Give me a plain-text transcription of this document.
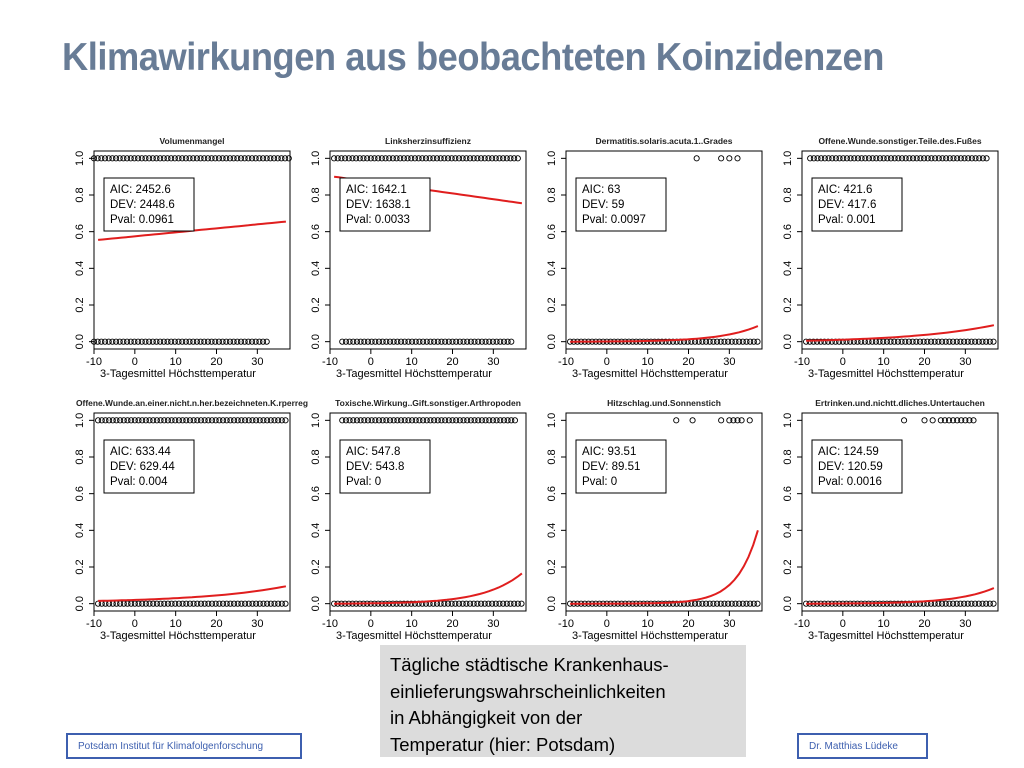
Klimawirkungen aus beobachteten Koinzidenzen
Volumenmangel
-10	0	10	20	30
3-Tagesmittel Höchsttemperatur
0.0
0.2
0.4
0.6
0.8
1.0
AIC: 2452.6
DEV: 2448.6
Pval: 0.0961
Linksherzinsuffizienz
-10	0	10	20	30
3-Tagesmittel Höchsttemperatur
0.0
0.2
0.4
0.6
0.8
1.0
AIC: 1642.1
DEV: 1638.1
Pval: 0.0033
Dermatitis.solaris.acuta.1..Grades
-10	0	10	20	30
3-Tagesmittel Höchsttemperatur
0.0
0.2
0.4
0.6
0.8
1.0
AIC: 63
DEV: 59
Pval: 0.0097
Offene.Wunde.sonstiger.Teile.des.Fußes
-10	0	10	20	30
3-Tagesmittel Höchsttemperatur
0.0
0.2
0.4
0.6
0.8
1.0
AIC: 421.6
DEV: 417.6
Pval: 0.001
Offene.Wunde.an.einer.nicht.n.her.bezeichneten.K.rperreg
-10	0	10	20	30
3-Tagesmittel Höchsttemperatur
0.0
0.2
0.4
0.6
0.8
1.0
AIC: 633.44
DEV: 629.44
Pval: 0.004
Toxische.Wirkung..Gift.sonstiger.Arthropoden
-10	0	10	20	30
3-Tagesmittel Höchsttemperatur
0.0
0.2
0.4
0.6
0.8
1.0
AIC: 547.8
DEV: 543.8
Pval: 0
Hitzschlag.und.Sonnenstich
-10	0	10	20	30
3-Tagesmittel Höchsttemperatur
0.0
0.2
0.4
0.6
0.8
1.0
AIC: 93.51
DEV: 89.51
Pval: 0
Ertrinken.und.nichtt.dliches.Untertauchen
-10	0	10	20	30
3-Tagesmittel Höchsttemperatur
0.0
0.2
0.4
0.6
0.8
1.0
AIC: 124.59
DEV: 120.59
Pval: 0.0016
Tägliche städtische Krankenhaus-
einlieferungswahrscheinlichkeiten
in Abhängigkeit von der
Temperatur (hier: Potsdam)
Potsdam Institut für Klimafolgenforschung	Dr. Matthias Lüdeke
